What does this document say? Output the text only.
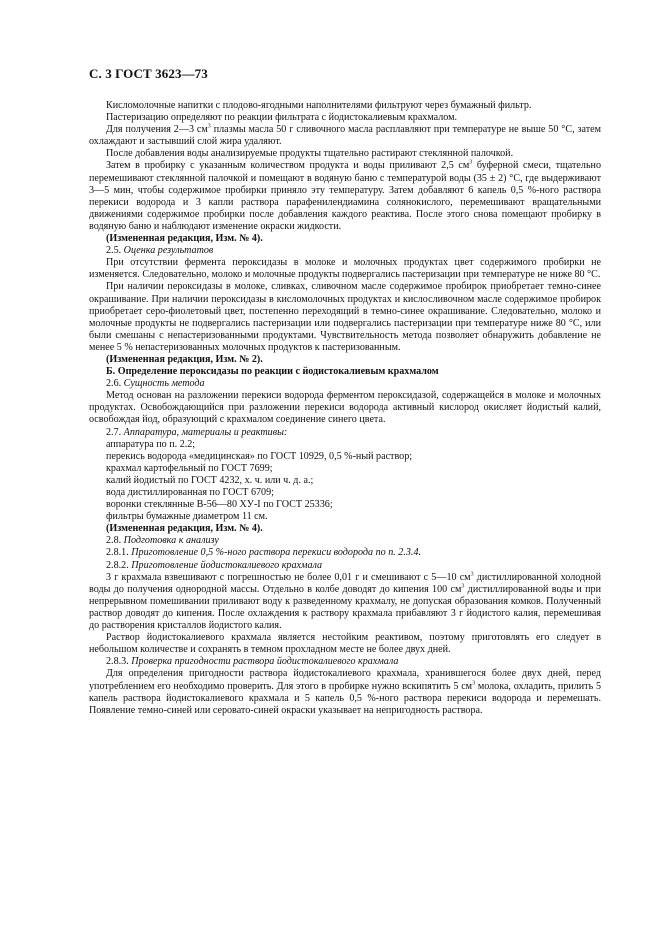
С. 3 ГОСТ 3623—73

Кисломолочные напитки с плодово-ягодными наполнителями фильтруют через бумажный фильтр.

Пастеризацию определяют по реакции фильтрата с йодистокалиевым крахмалом.

Для получения 2—3 $см^3$ плазмы масла 50 г сливочного масла расплавляют при температуре не выше 50 °С, затем охлаждают и застывший слой жира удаляют.

После добавления воды анализируемые продукты тщательно растирают стеклянной палочкой.

Затем в пробирку с указанным количеством продукта и воды приливают 2,5 $см^3$ буферной смеси, тщательно перемешивают стеклянной палочкой и помещают в водяную баню с температурой воды (35 ± 2) °С, где выдерживают 3—5 мин, чтобы содержимое пробирки приняло эту температуру. Затем добавляют 6 капель 0,5 %-ного раствора перекиси водорода и 3 капли раствора парафенилендиамина солянокислого, перемешивают вращательными движениями содержимое пробирки после добавления каждого реактива. После этого снова помещают пробирку в водяную баню и наблюдают изменение окраски жидкости.

(Измененная редакция, Изм. № 4).

2.5. Оценка результатов

При отсутствии фермента пероксидазы в молоке и молочных продуктах цвет содержимого пробирки не изменяется. Следовательно, молоко и молочные продукты подвергались пастеризации при температуре не ниже 80 °С.

При наличии пероксидазы в молоке, сливках, сливочном масле содержимое пробирок приобретает темно-синее окрашивание. При наличии пероксидазы в кисломолочных продуктах и кислосливочном масле содержимое пробирок приобретает серо-фиолетовый цвет, постепенно переходящий в темно-синее окрашивание. Следовательно, молоко и молочные продукты не подвергались пастеризации или подвергались пастеризации при температуре ниже 80 °С, или были смешаны с непастеризованными продуктами. Чувствительность метода позволяет обнаружить добавление не менее 5 % непастеризованных молочных продуктов к пастеризованным.

(Измененная редакция, Изм. № 2).

Б. Определение пероксидазы по реакции с йодистокалиевым крахмалом

2.6. Сущность метода

Метод основан на разложении перекиси водорода ферментом пероксидазой, содержащейся в молоке и молочных продуктах. Освобождающийся при разложении перекиси водорода активный кислород окисляет йодистый калий, освобождая йод, образующий с крахмалом соединение синего цвета.

2.7. Аппаратура, материалы и реактивы:

аппаратура по п. 2.2;

перекись водорода «медицинская» по ГОСТ 10929, 0,5 %-ный раствор;

крахмал картофельный по ГОСТ 7699;

калий йодистый по ГОСТ 4232, х. ч. или ч. д. а.;

вода дистиллированная по ГОСТ 6709;

воронки стеклянные В-56—80 ХУ-I по ГОСТ 25336;

фильтры бумажные диаметром 11 см.

(Измененная редакция, Изм. № 4).

2.8. Подготовка к анализу

2.8.1. Приготовление 0,5 %-ного раствора перекиси водорода по п. 2.3.4.

2.8.2. Приготовление йодистокалиевого крахмала

3 г крахмала взвешивают с погрешностью не более 0,01 г и смешивают с 5—10 $см^3$ дистиллированной холодной воды до получения однородной массы. Отдельно в колбе доводят до кипения 100 $см^3$ дистиллированной воды и при непрерывном помешивании приливают воду к разведенному крахмалу, не допуская образования комков. Полученный раствор доводят до кипения. После охлаждения к раствору крахмала прибавляют 3 г йодистого калия, перемешивая до растворения кристаллов йодистого калия.

Раствор йодистокалиевого крахмала является нестойким реактивом, поэтому приготовлять его следует в небольшом количестве и сохранять в темном прохладном месте не более двух дней.

2.8.3. Проверка пригодности раствора йодистокалиевого крахмала

Для определения пригодности раствора йодистокалиевого крахмала, хранившегося более двух дней, перед употреблением его необходимо проверить. Для этого в пробирке нужно вскипятить 5 $см^3$ молока, охладить, прилить 5 капель раствора йодистокалиевого крахмала и 5 капель 0,5 %-ного раствора перекиси водорода и перемешать. Появление темно-синей или серовато-синей окраски указывает на непригодность раствора.
